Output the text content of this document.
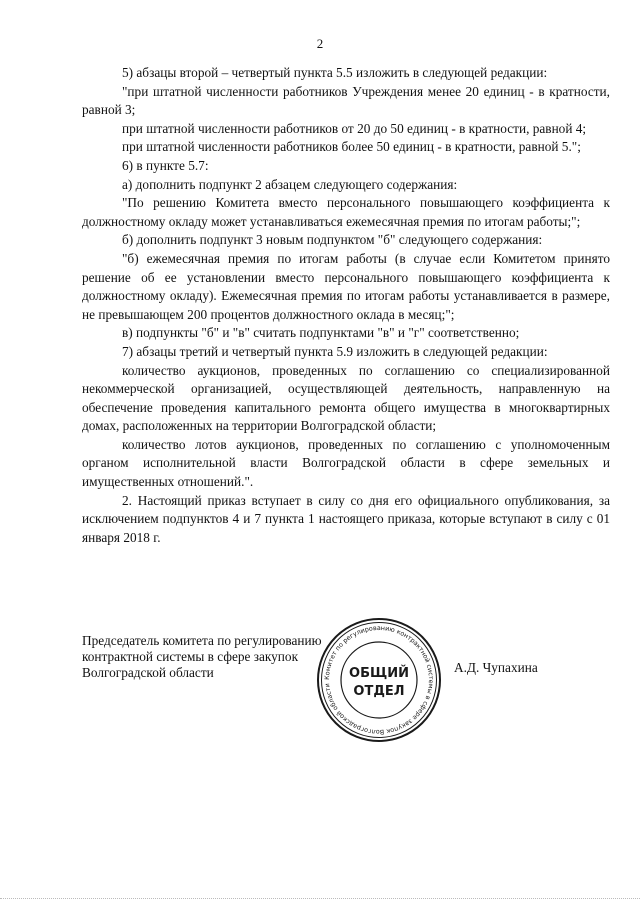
2

5) абзацы второй – четвертый пункта 5.5 изложить в следующей редакции:

"при штатной численности работников Учреждения менее 20 единиц - в кратности, равной 3;

при штатной численности работников от 20 до 50 единиц - в кратности, равной 4;

при штатной численности работников более 50 единиц - в кратности, равной 5.";

6) в пункте 5.7:

а) дополнить подпункт 2 абзацем следующего содержания:

"По решению Комитета вместо персонального повышающего коэффициента к должностному окладу может устанавливаться ежемесячная премия по итогам работы;";

б) дополнить подпункт 3 новым подпунктом "б" следующего содержания:

"б) ежемесячная премия по итогам работы (в случае если Комитетом принято решение об ее установлении вместо персонального повышающего коэффициента к должностному окладу). Ежемесячная премия по итогам работы устанавливается в размере, не превышающем 200 процентов должностного оклада в месяц;";

в) подпункты "б" и "в" считать подпунктами "в" и "г" соответственно;

7) абзацы третий и четвертый пункта 5.9 изложить в следующей редакции:

количество аукционов, проведенных по соглашению со специализированной некоммерческой организацией, осуществляющей деятельность, направленную на обеспечение проведения капитального ремонта общего имущества в многоквартирных домах, расположенных на территории Волгоградской области;

количество лотов аукционов, проведенных по соглашению с уполномоченным органом исполнительной власти Волгоградской области в сфере земельных и имущественных отношений.".

2. Настоящий приказ вступает в силу со дня его официального опубликования, за исключением подпунктов 4 и 7 пункта 1 настоящего приказа, которые вступают в силу с 01 января 2018 г.

Председатель комитета по регулированию

контрактной системы в сфере закупок

Волгоградской области	А.Д. Чупахина
Комитет по регулированию контрактной системы в сфере закупок Волгоградской области
ОБЩИЙ
ОТДЕЛ
